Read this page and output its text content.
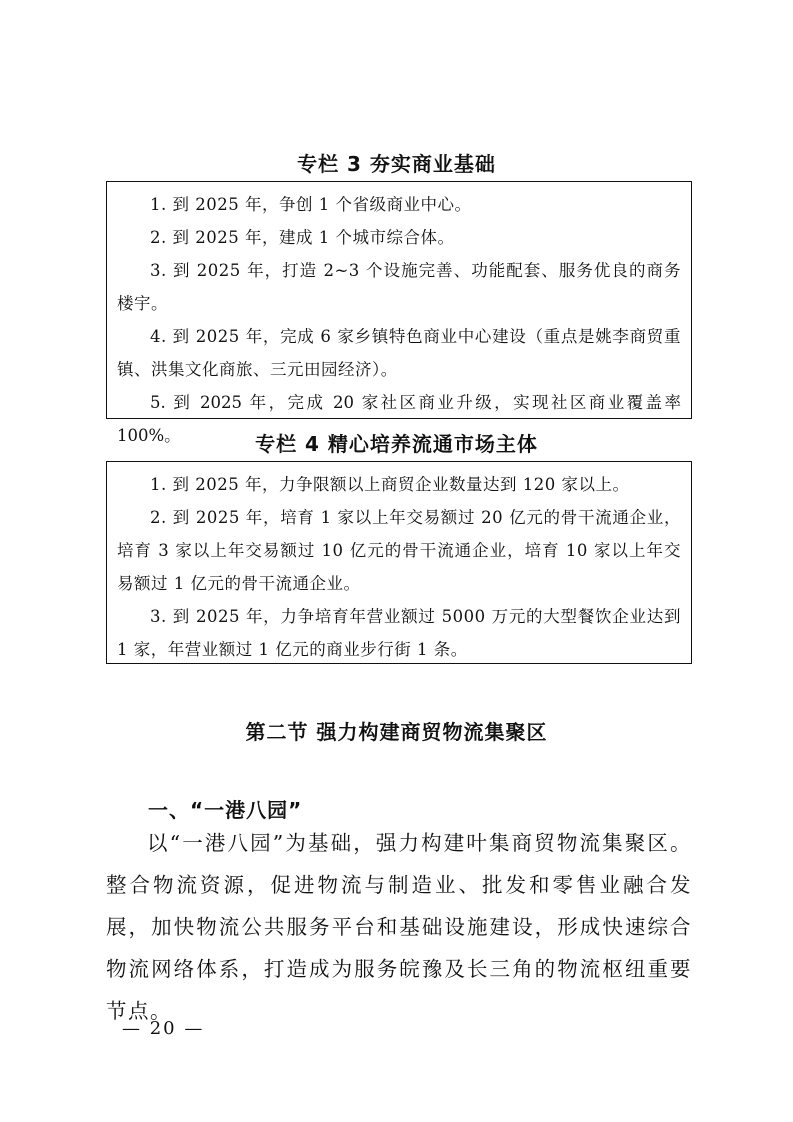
专栏 3 夯实商业基础

1. 到 2025 年，争创 1 个省级商业中心。

2. 到 2025 年，建成 1 个城市综合体。

3. 到 2025 年，打造 2~3 个设施完善、功能配套、服务优良的商务楼宇。

4. 到 2025 年，完成 6 家乡镇特色商业中心建设（重点是姚李商贸重镇、洪集文化商旅、三元田园经济）。

5. 到 2025 年，完成 20 家社区商业升级，实现社区商业覆盖率 100%。	专栏 4 精心培养流通市场主体

1. 到 2025 年，力争限额以上商贸企业数量达到 120 家以上。

2. 到 2025 年，培育 1 家以上年交易额过 20 亿元的骨干流通企业，培育 3 家以上年交易额过 10 亿元的骨干流通企业，培育 10 家以上年交易额过 1 亿元的骨干流通企业。

3. 到 2025 年，力争培育年营业额过 5000 万元的大型餐饮企业达到 1 家，年营业额过 1 亿元的商业步行街 1 条。

第二节 强力构建商贸物流集聚区
一、“一港八园”

以“一港八园”为基础，强力构建叶集商贸物流集聚区。整合物流资源，促进物流与制造业、批发和零售业融合发展，加快物流公共服务平台和基础设施建设，形成快速综合物流网络体系，打造成为服务皖豫及长三角的物流枢纽重要节点。

— 20 —
